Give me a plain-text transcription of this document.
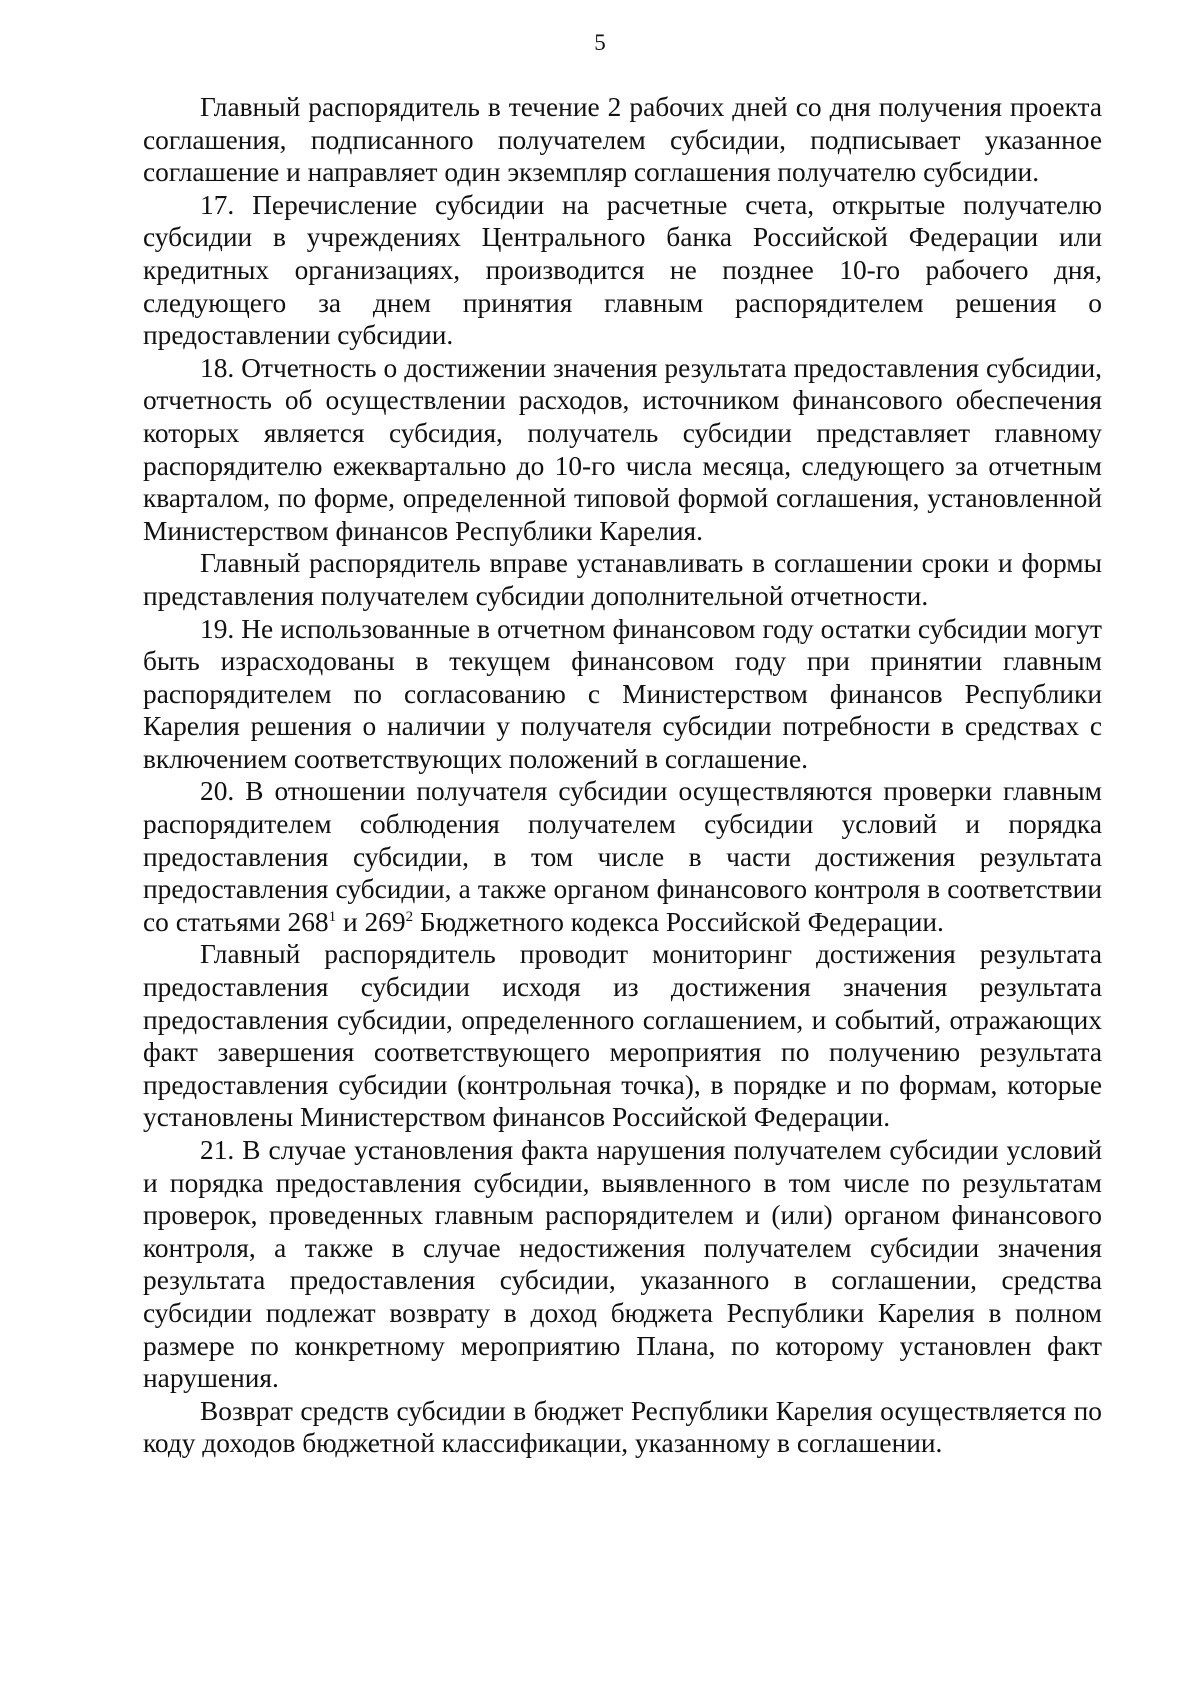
5

Главный распорядитель в течение 2 рабочих дней со дня получения проекта соглашения, подписанного получателем субсидии, подписывает указанное соглашение и направляет один экземпляр соглашения получателю субсидии.

17. Перечисление субсидии на расчетные счета, открытые получателю субсидии в учреждениях Центрального банка Российской Федерации или кредитных организациях, производится не позднее 10-го рабочего дня, следующего за днем принятия главным распорядителем решения о предоставлении субсидии.

18. Отчетность о достижении значения результата предоставления субсидии, отчетность об осуществлении расходов, источником финансового обеспечения которых является субсидия, получатель субсидии представляет главному распорядителю ежеквартально до 10-го числа месяца, следующего за отчетным кварталом, по форме, определенной типовой формой соглашения, установленной Министерством финансов Республики Карелия.

Главный распорядитель вправе устанавливать в соглашении сроки и формы представления получателем субсидии дополнительной отчетности.

19. Не использованные в отчетном финансовом году остатки субсидии могут быть израсходованы в текущем финансовом году при принятии главным распорядителем по согласованию с Министерством финансов Республики Карелия решения о наличии у получателя субсидии потребности в средствах с включением соответствующих положений в соглашение.

20. В отношении получателя субсидии осуществляются проверки главным распорядителем соблюдения получателем субсидии условий и порядка предоставления субсидии, в том числе в части достижения результата предоставления субсидии, а также органом финансового контроля в соответствии со статьями $268^1$ и $269^2$ Бюджетного кодекса Российской Федерации.

Главный распорядитель проводит мониторинг достижения результата предоставления субсидии исходя из достижения значения результата предоставления субсидии, определенного соглашением, и событий, отражающих факт завершения соответствующего мероприятия по получению результата предоставления субсидии (контрольная точка), в порядке и по формам, которые установлены Министерством финансов Российской Федерации.

21. В случае установления факта нарушения получателем субсидии условий и порядка предоставления субсидии, выявленного в том числе по результатам проверок, проведенных главным распорядителем и (или) органом финансового контроля, а также в случае недостижения получателем субсидии значения результата предоставления субсидии, указанного в соглашении, средства субсидии подлежат возврату в доход бюджета Республики Карелия в полном размере по конкретному мероприятию Плана, по которому установлен факт нарушения.

Возврат средств субсидии в бюджет Республики Карелия осуществляется по коду доходов бюджетной классификации, указанному в соглашении.
